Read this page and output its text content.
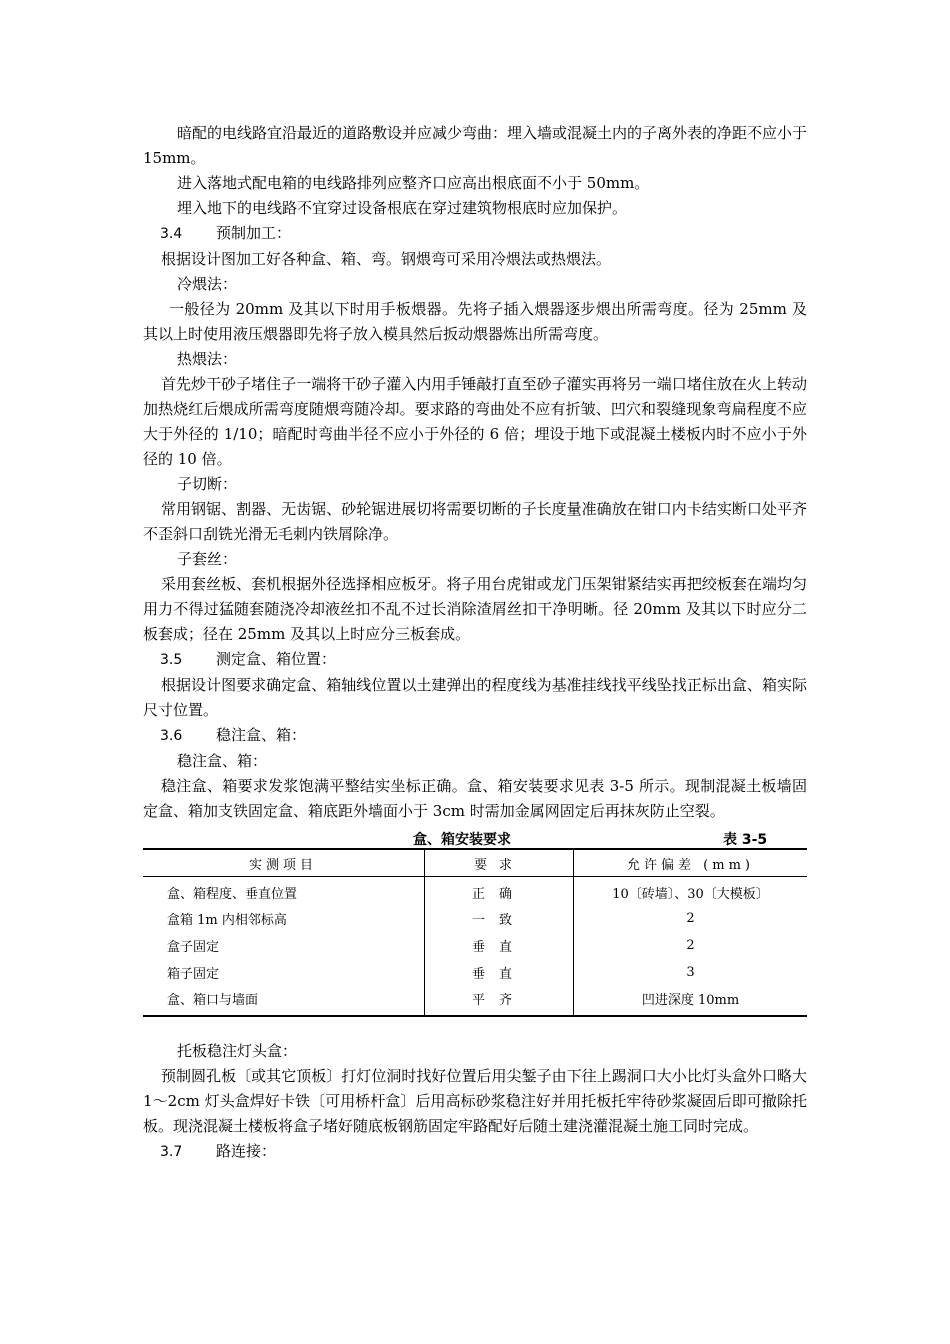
暗配的电线路宜沿最近的道路敷设并应减少弯曲：埋入墙或混凝土内的子离外表的净距不应小于 15mm。

进入落地式配电箱的电线路排列应整齐口应高出根底面不小于 50mm。

埋入地下的电线路不宜穿过设备根底在穿过建筑物根底时应加保护。

3.4 预制加工：

根据设计图加工好各种盒、箱、弯。钢煨弯可采用冷煨法或热煨法。

冷煨法：

一般径为 20mm 及其以下时用手板煨器。先将子插入煨器逐步煨出所需弯度。径为 25mm 及其以上时使用液压煨器即先将子放入模具然后扳动煨器炼出所需弯度。

热煨法：

首先炒干砂子堵住子一端将干砂子灌入内用手锤敲打直至砂子灌实再将另一端口堵住放在火上转动加热烧红后煨成所需弯度随煨弯随冷却。要求路的弯曲处不应有折皱、凹穴和裂缝现象弯扁程度不应大于外径的 1/10；暗配时弯曲半径不应小于外径的 6 倍；埋设于地下或混凝土楼板内时不应小于外径的 10 倍。

子切断：

常用钢锯、割器、无齿锯、砂轮锯进展切将需要切断的子长度量准确放在钳口内卡结实断口处平齐不歪斜口刮铣光滑无毛刺内铁屑除净。

子套丝：

采用套丝板、套机根据外径选择相应板牙。将子用台虎钳或龙门压架钳紧结实再把绞板套在端均匀用力不得过猛随套随浇冷却液丝扣不乱不过长消除渣屑丝扣干净明晰。径 20mm 及其以下时应分二板套成；径在 25mm 及其以上时应分三板套成。

3.5 测定盒、箱位置：

根据设计图要求确定盒、箱轴线位置以土建弹出的程度线为基准挂线找平线坠找正标出盒、箱实际尺寸位置。

3.6 稳注盒、箱：

稳注盒、箱：

稳注盒、箱要求发浆饱满平整结实坐标正确。盒、箱安装要求见表 3-5 所示。现制混凝土板墙固定盒、箱加支铁固定盒、箱底距外墙面小于 3cm 时需加金属网固定后再抹灰防止空裂。

盒、箱安装要求	表 3-5
实测项目	要求	允许偏差 (mm)
盒、箱程度、垂直位置	正确	10〔砖墙〕、30〔大模板〕
盒箱 1m 内相邻标高	一致	2
盒子固定	垂直	2
箱子固定	垂直	3
盒、箱口与墙面	平齐	凹进深度 10mm

托板稳注灯头盒：

预制圆孔板〔或其它顶板〕打灯位洞时找好位置后用尖錾子由下往上踢洞口大小比灯头盒外口略大 1～2cm 灯头盒焊好卡铁〔可用桥杆盒〕后用高标砂浆稳注好并用托板托牢待砂浆凝固后即可撤除托板。现浇混凝土楼板将盒子堵好随底板钢筋固定牢路配好后随土建浇灌混凝土施工同时完成。

3.7 路连接：
